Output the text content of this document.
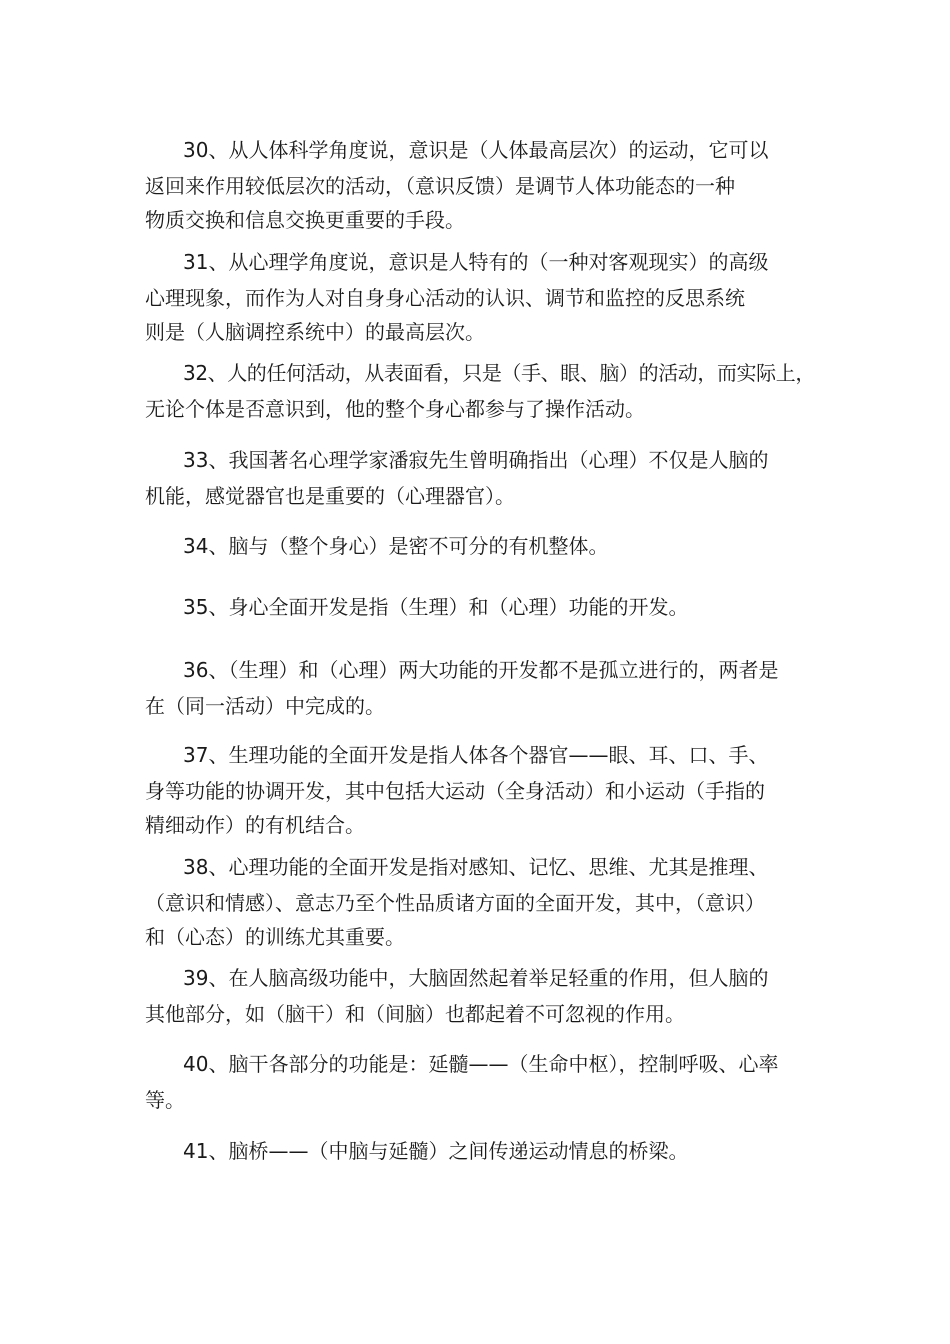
30、从人体科学角度说，意识是（人体最高层次）的运动，它可以
返回来作用较低层次的活动，（意识反馈）是调节人体功能态的一种
物质交换和信息交换更重要的手段。
31、从心理学角度说，意识是人特有的（一种对客观现实）的高级
心理现象，而作为人对自身身心活动的认识、调节和监控的反思系统
则是（人脑调控系统中）的最高层次。
32、人的任何活动，从表面看，只是（手、眼、脑）的活动，而实际上，
无论个体是否意识到，他的整个身心都参与了操作活动。
33、我国著名心理学家潘寂先生曾明确指出（心理）不仅是人脑的
机能，感觉器官也是重要的（心理器官）。
34、脑与（整个身心）是密不可分的有机整体。
35、身心全面开发是指（生理）和（心理）功能的开发。
36、（生理）和（心理）两大功能的开发都不是孤立进行的，两者是
在（同一活动）中完成的。
37、生理功能的全面开发是指人体各个器官——眼、耳、口、手、
身等功能的协调开发，其中包括大运动（全身活动）和小运动（手指的
精细动作）的有机结合。
38、心理功能的全面开发是指对感知、记忆、思维、尤其是推理、
（意识和情感）、意志乃至个性品质诸方面的全面开发，其中，（意识）
和（心态）的训练尤其重要。
39、在人脑高级功能中，大脑固然起着举足轻重的作用，但人脑的
其他部分，如（脑干）和（间脑）也都起着不可忽视的作用。
40、脑干各部分的功能是：延髓——（生命中枢），控制呼吸、心率
等。
41、脑桥——（中脑与延髓）之间传递运动情息的桥梁。
